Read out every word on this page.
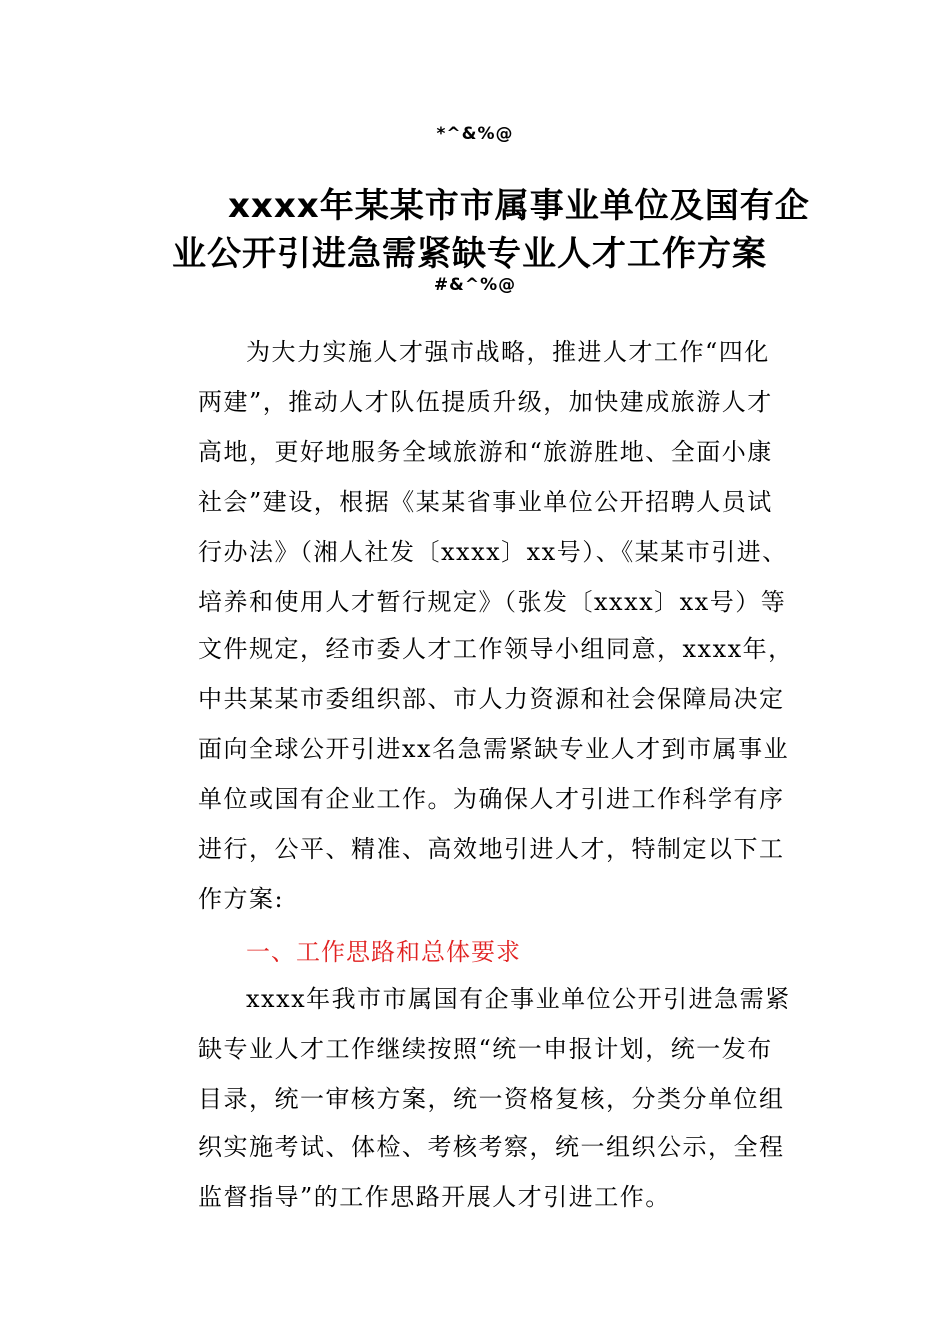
*^&%@
xxxx年某某市市属事业单位及国有企
业公开引进急需紧缺专业人才工作方案
#&^%@
为大力实施人才强市战略，推进人才工作“四化
两建”，推动人才队伍提质升级，加快建成旅游人才
高地，更好地服务全域旅游和“旅游胜地、全面小康
社会”建设，根据《某某省事业单位公开招聘人员试
行办法》（湘人社发〔xxxx〕xx号）、《某某市引进、
培养和使用人才暂行规定》（张发〔xxxx〕xx号）等
文件规定，经市委人才工作领导小组同意，xxxx年，
中共某某市委组织部、市人力资源和社会保障局决定
面向全球公开引进xx名急需紧缺专业人才到市属事业
单位或国有企业工作。为确保人才引进工作科学有序
进行，公平、精准、高效地引进人才，特制定以下工
作方案:
一、工作思路和总体要求
xxxx年我市市属国有企事业单位公开引进急需紧
缺专业人才工作继续按照“统一申报计划，统一发布
目录，统一审核方案，统一资格复核，分类分单位组
织实施考试、体检、考核考察，统一组织公示，全程
监督指导”的工作思路开展人才引进工作。
